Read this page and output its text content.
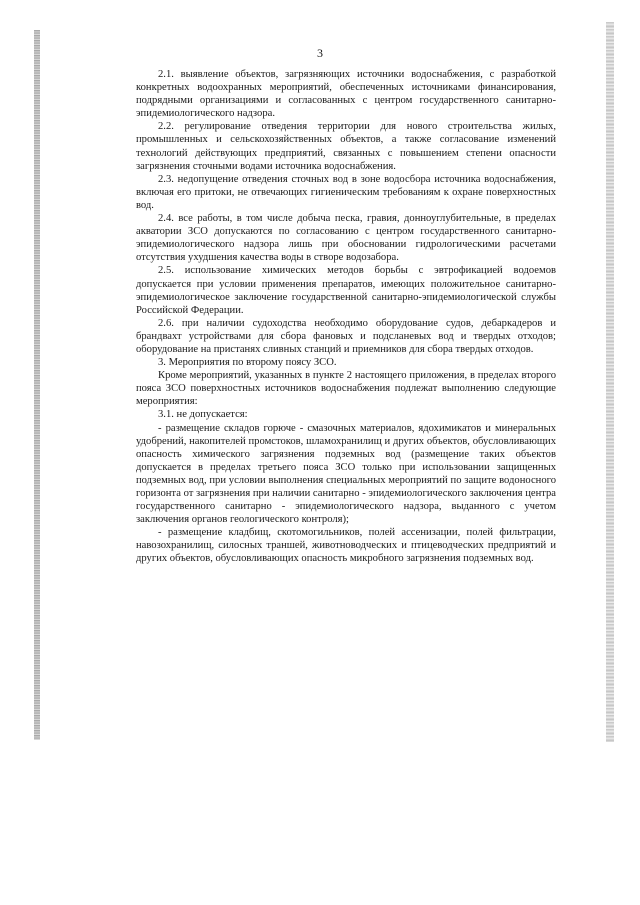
3

2.1. выявление объектов, загрязняющих источники водоснабжения, с разработкой конкретных водоохранных мероприятий, обеспеченных источниками финансирования, подрядными организациями и согласованных с центром государственного санитарно-эпидемиологического надзора.

2.2. регулирование отведения территории для нового строительства жилых, промышленных и сельскохозяйственных объектов, а также согласование изменений технологий действующих предприятий, связанных с повышением степени опасности загрязнения сточными водами источника водоснабжения.

2.3. недопущение отведения сточных вод в зоне водосбора источника водоснабжения, включая его притоки, не отвечающих гигиеническим требованиям к охране поверхностных вод.

2.4. все работы, в том числе добыча песка, гравия, донноуглубительные, в пределах акватории ЗСО допускаются по согласованию с центром государственного санитарно-эпидемиологического надзора лишь при обосновании гидрологическими расчетами отсутствия ухудшения качества воды в створе водозабора.

2.5. использование химических методов борьбы с эвтрофикацией водоемов допускается при условии применения препаратов, имеющих положительное санитарно-эпидемиологическое заключение государственной санитарно-эпидемиологической службы Российской Федерации.

2.6. при наличии судоходства необходимо оборудование судов, дебаркадеров и брандвахт устройствами для сбора фановых и подсланевых вод и твердых отходов; оборудование на пристанях сливных станций и приемников для сбора твердых отходов.

3. Мероприятия по второму поясу ЗСО.

Кроме мероприятий, указанных в пункте 2 настоящего приложения, в пределах второго пояса ЗСО поверхностных источников водоснабжения подлежат выполнению следующие мероприятия:

3.1. не допускается:

- размещение складов горюче - смазочных материалов, ядохимикатов и минеральных удобрений, накопителей промстоков, шламохранилищ и других объектов, обусловливающих опасность химического загрязнения подземных вод (размещение таких объектов допускается в пределах третьего пояса ЗСО только при использовании защищенных подземных вод, при условии выполнения специальных мероприятий по защите водоносного горизонта от загрязнения при наличии санитарно - эпидемиологического заключения центра государственного санитарно - эпидемиологического надзора, выданного с учетом заключения органов геологического контроля);

- размещение кладбищ, скотомогильников, полей ассенизации, полей фильтрации, навозохранилищ, силосных траншей, животноводческих и птицеводческих предприятий и других объектов, обусловливающих опасность микробного загрязнения подземных вод.
